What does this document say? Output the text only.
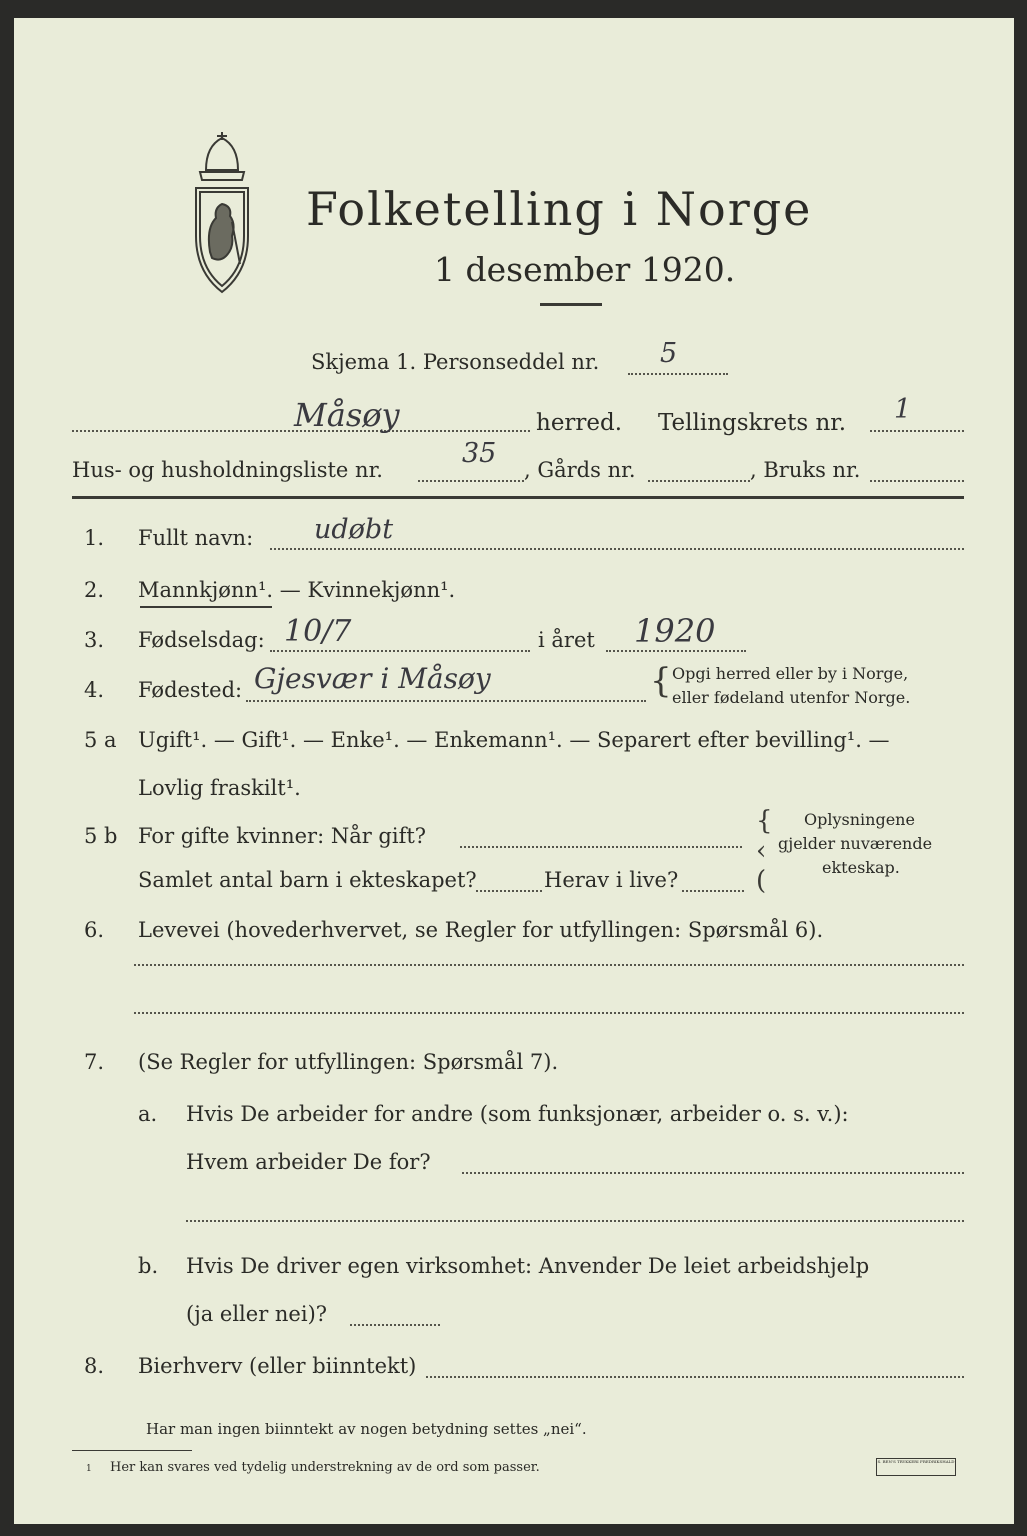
Folketelling i Norge
1 desember 1920.
Skjema 1. Personseddel nr. 5
Måsøy	herred. Tellingskrets nr. 1
Hus- og husholdningsliste nr.
35
, Gårds nr.	, Bruks nr.
1. Fullt navn: udøbt
2. Mannkjønn¹. — Kvinnekjønn¹.
3. Fødselsdag: 10/7	i året 1920
4. Fødested: Gjesvær i Måsøy	{ Opgi herred eller by i Norge,
eller fødeland utenfor Norge.
5 a Ugift¹. — Gift¹. — Enke¹. — Enkemann¹. — Separert efter bevilling¹. —
Lovlig fraskilt¹.
5 b For gifte kvinner: Når gift?
Samlet antal barn i ekteskapet?	Herav i live?
{
‹
(
Oplysningene
gjelder nuværende
ekteskap.
6. Levevei (hovederhvervet, se Regler for utfyllingen: Spørsmål 6).
7. (Se Regler for utfyllingen: Spørsmål 7).
a. Hvis De arbeider for andre (som funksjonær, arbeider o. s. v.):
Hvem arbeider De for?
b. Hvis De driver egen virksomhet: Anvender De leiet arbeidshjelp
(ja eller nei)?
8. Bierhverv (eller biinntekt)
Har man ingen biinntekt av nogen betydning settes „nei“.
1 Her kan svares ved tydelig understrekning av de ord som passer.	S. BEN'S TRYKKERI FREDRIKSHALD
